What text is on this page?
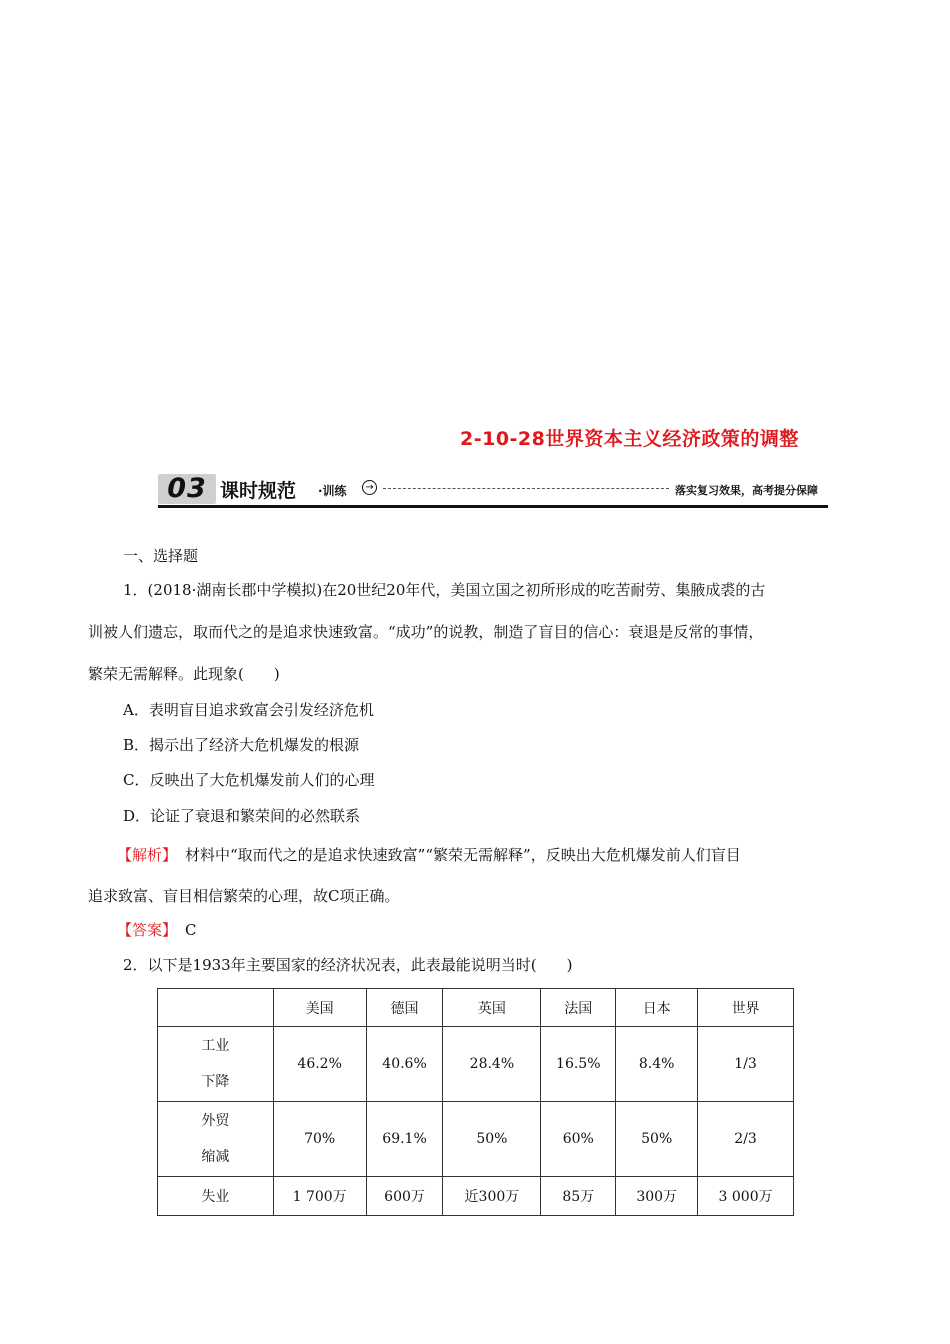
2-10-28世界资本主义经济政策的调整
03 课时规范 ·训练	→	落实复习效果，高考提分保障
一、选择题
1．(2018·湖南长郡中学模拟)在20世纪20年代，美国立国之初所形成的吃苦耐劳、集腋成裘的古
训被人们遗忘，取而代之的是追求快速致富。“成功”的说教，制造了盲目的信心：衰退是反常的事情，
繁荣无需解释。此现象(　　)
A．表明盲目追求致富会引发经济危机
B．揭示出了经济大危机爆发的根源
C．反映出了大危机爆发前人们的心理
D．论证了衰退和繁荣间的必然联系
【解析】 材料中“取而代之的是追求快速致富”“繁荣无需解释”，反映出大危机爆发前人们盲目
追求致富、盲目相信繁荣的心理，故C项正确。
【答案】 C
2．以下是1933年主要国家的经济状况表，此表最能说明当时(　　)
	美国	德国	英国	法国	日本	世界

工业
下降	46.2%	40.6%	28.4%	16.5%	8.4%	1/3

外贸
缩减	70%	69.1%	50%	60%	50%	2/3

失业	1 700万	600万	近300万	85万	300万	3 000万
